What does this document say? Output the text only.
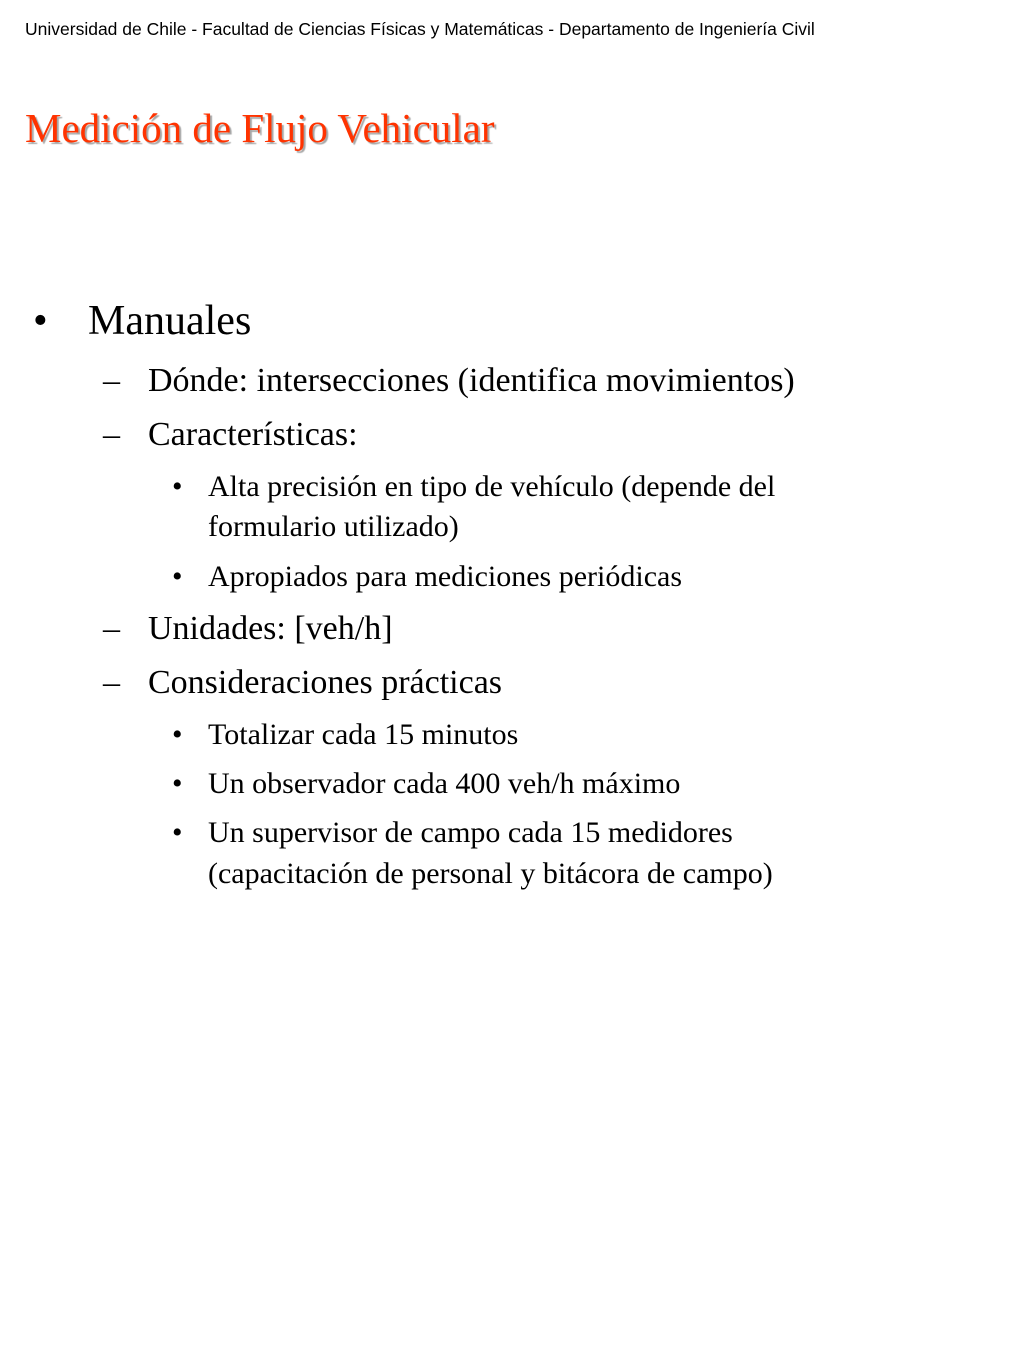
Universidad de Chile - Facultad de Ciencias Físicas y Matemáticas - Departamento de Ingeniería Civil
Medición de Flujo Vehicular
• Manuales
– Dónde: intersecciones (identifica movimientos)
– Características:
• Alta precisión en tipo de vehículo (depende del
formulario utilizado)
• Apropiados para mediciones periódicas
– Unidades: [veh/h]
– Consideraciones prácticas
• Totalizar cada 15 minutos
• Un observador cada 400 veh/h máximo
• Un supervisor de campo cada 15 medidores
(capacitación de personal y bitácora de campo)
